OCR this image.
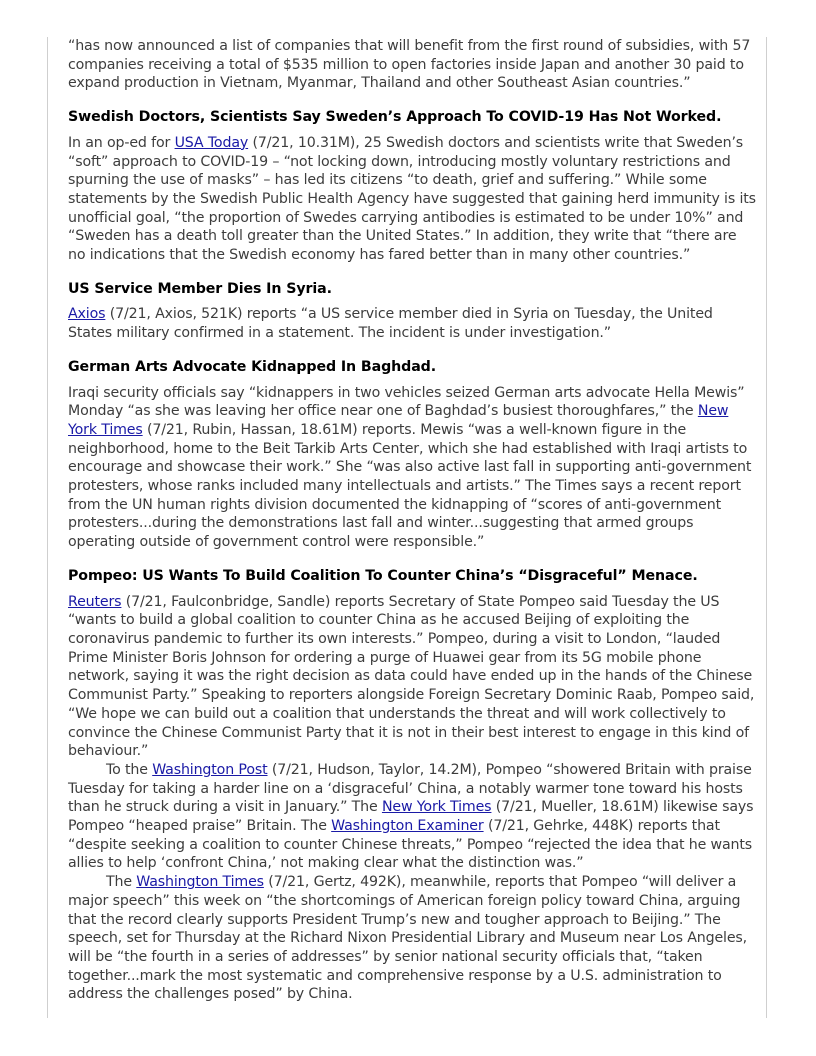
“has now announced a list of companies that will benefit from the first round of subsidies, with 57 companies receiving a total of $535 million to open factories inside Japan and another 30 paid to expand production in Vietnam, Myanmar, Thailand and other Southeast Asian countries.”

Swedish Doctors, Scientists Say Sweden’s Approach To COVID-19 Has Not Worked.

In an op-ed for USA Today (7/21, 10.31M), 25 Swedish doctors and scientists write that Sweden’s “soft” approach to COVID-19 – “not locking down, introducing mostly voluntary restrictions and spurning the use of masks” – has led its citizens “to death, grief and suffering.” While some statements by the Swedish Public Health Agency have suggested that gaining herd immunity is its unofficial goal, “the proportion of Swedes carrying antibodies is estimated to be under 10%” and “Sweden has a death toll greater than the United States.” In addition, they write that “there are no indications that the Swedish economy has fared better than in many other countries.”

US Service Member Dies In Syria.

Axios (7/21, Axios, 521K) reports “a US service member died in Syria on Tuesday, the United States military confirmed in a statement. The incident is under investigation.”

German Arts Advocate Kidnapped In Baghdad.

Iraqi security officials say “kidnappers in two vehicles seized German arts advocate Hella Mewis” Monday “as she was leaving her office near one of Baghdad’s busiest thoroughfares,” the New York Times (7/21, Rubin, Hassan, 18.61M) reports. Mewis “was a well-known figure in the neighborhood, home to the Beit Tarkib Arts Center, which she had established with Iraqi artists to encourage and showcase their work.” She “was also active last fall in supporting anti-government protesters, whose ranks included many intellectuals and artists.” The Times says a recent report from the UN human rights division documented the kidnapping of “scores of anti-government protesters...during the demonstrations last fall and winter...suggesting that armed groups operating outside of government control were responsible.”

Pompeo: US Wants To Build Coalition To Counter China’s “Disgraceful” Menace.

Reuters (7/21, Faulconbridge, Sandle) reports Secretary of State Pompeo said Tuesday the US “wants to build a global coalition to counter China as he accused Beijing of exploiting the coronavirus pandemic to further its own interests.” Pompeo, during a visit to London, “lauded Prime Minister Boris Johnson for ordering a purge of Huawei gear from its 5G mobile phone network, saying it was the right decision as data could have ended up in the hands of the Chinese Communist Party.” Speaking to reporters alongside Foreign Secretary Dominic Raab, Pompeo said, “We hope we can build out a coalition that understands the threat and will work collectively to convince the Chinese Communist Party that it is not in their best interest to engage in this kind of behaviour.”

To the Washington Post (7/21, Hudson, Taylor, 14.2M), Pompeo “showered Britain with praise Tuesday for taking a harder line on a ‘disgraceful’ China, a notably warmer tone toward his hosts than he struck during a visit in January.” The New York Times (7/21, Mueller, 18.61M) likewise says Pompeo “heaped praise” Britain. The Washington Examiner (7/21, Gehrke, 448K) reports that “despite seeking a coalition to counter Chinese threats,” Pompeo “rejected the idea that he wants allies to help ‘confront China,’ not making clear what the distinction was.”

The Washington Times (7/21, Gertz, 492K), meanwhile, reports that Pompeo “will deliver a major speech” this week on “the shortcomings of American foreign policy toward China, arguing that the record clearly supports President Trump’s new and tougher approach to Beijing.” The speech, set for Thursday at the Richard Nixon Presidential Library and Museum near Los Angeles, will be “the fourth in a series of addresses” by senior national security officials that, “taken together...mark the most systematic and comprehensive response by a U.S. administration to address the challenges posed” by China.
